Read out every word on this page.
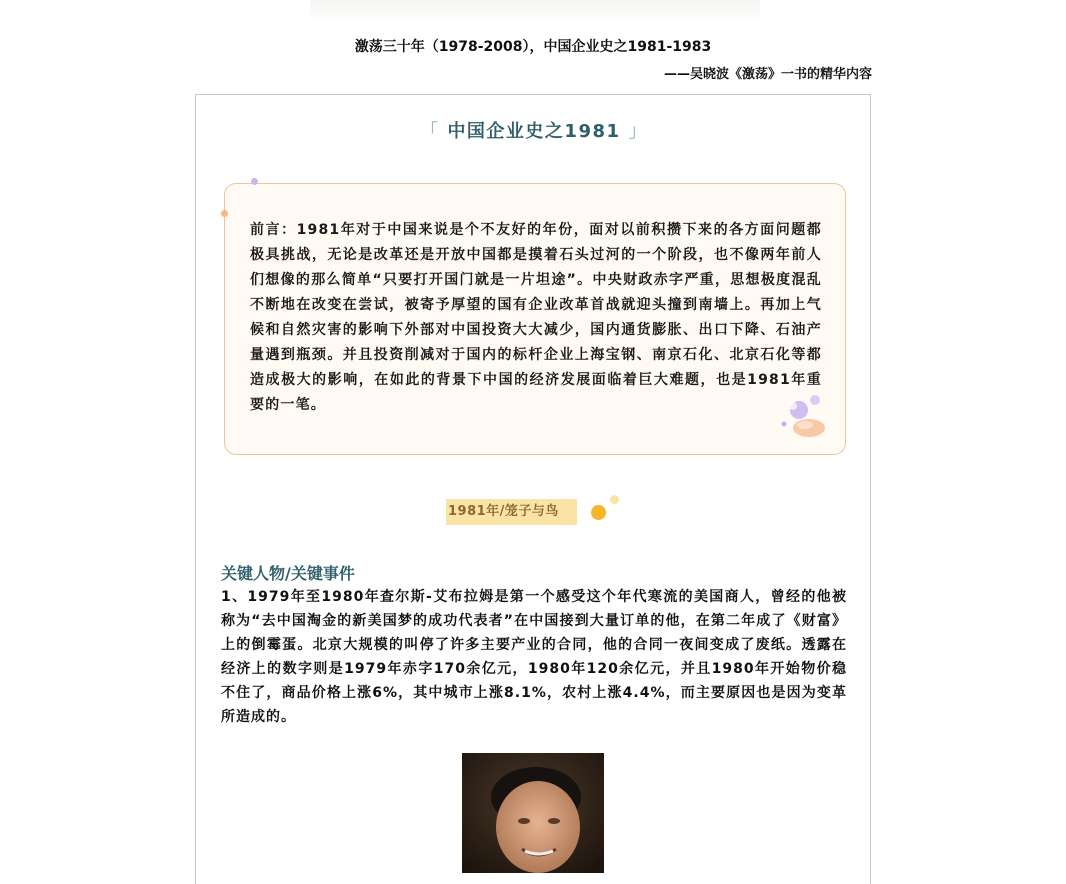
激荡三十年（1978-2008），中国企业史之1981-1983
——吴晓波《激荡》一书的精华内容
「 中国企业史之1981 」

前言：1981年对于中国来说是个不友好的年份，面对以前积攒下来的各方面问题都极具挑战，无论是改革还是开放中国都是摸着石头过河的一个阶段，也不像两年前人们想像的那么简单“只要打开国门就是一片坦途”。中央财政赤字严重，思想极度混乱不断地在改变在尝试，被寄予厚望的国有企业改革首战就迎头撞到南墙上。再加上气候和自然灾害的影响下外部对中国投资大大减少，国内通货膨胀、出口下降、石油产量遇到瓶颈。并且投资削减对于国内的标杆企业上海宝钢、南京石化、北京石化等都造成极大的影响，在如此的背景下中国的经济发展面临着巨大难题，也是1981年重要的一笔。

1981年/笼子与鸟
关键人物/关键事件

1、1979年至1980年查尔斯-艾布拉姆是第一个感受这个年代寒流的美国商人，曾经的他被称为“去中国淘金的新美国梦的成功代表者”在中国接到大量订单的他，在第二年成了《财富》上的倒霉蛋。北京大规模的叫停了许多主要产业的合同，他的合同一夜间变成了废纸。透露在经济上的数字则是1979年赤字170余亿元，1980年120余亿元，并且1980年开始物价稳不住了，商品价格上涨6%，其中城市上涨8.1%，农村上涨4.4%，而主要原因也是因为变革所造成的。
